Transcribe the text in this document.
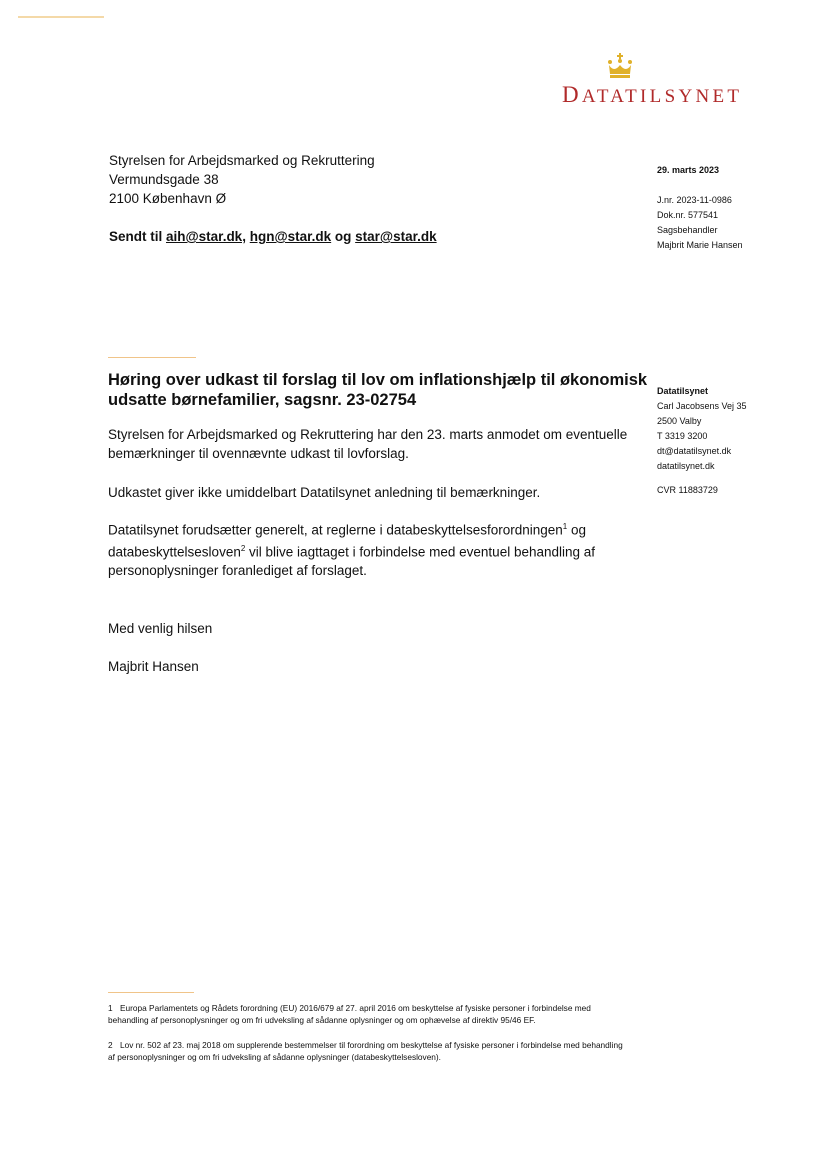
DATATILSYNET
Styrelsen for Arbejdsmarked og Rekruttering
Vermundsgade 38
2100 København Ø
Sendt til aih@star.dk, hgn@star.dk og star@star.dk
29. marts 2023
J.nr. 2023-11-0986
Dok.nr. 577541
Sagsbehandler
Majbrit Marie Hansen
Datatilsynet
Carl Jacobsens Vej 35
2500 Valby
T 3319 3200
dt@datatilsynet.dk
datatilsynet.dk
CVR 11883729
Høring over udkast til forslag til lov om inflationshjælp til økonomisk udsatte børnefamilier, sagsnr. 23-02754
Styrelsen for Arbejdsmarked og Rekruttering har den 23. marts anmodet om eventuelle bemærkninger til ovennævnte udkast til lovforslag.
Udkastet giver ikke umiddelbart Datatilsynet anledning til bemærkninger.
Datatilsynet forudsætter generelt, at reglerne i databeskyttelsesforordningen$^1$ og databeskyttelsesloven$^2$ vil blive iagttaget i forbindelse med eventuel behandling af personoplysninger foranlediget af forslaget.
Med venlig hilsen
Majbrit Hansen
1 Europa Parlamentets og Rådets forordning (EU) 2016/679 af 27. april 2016 om beskyttelse af fysiske personer i forbindelse med behandling af personoplysninger og om fri udveksling af sådanne oplysninger og om ophævelse af direktiv 95/46 EF.
2 Lov nr. 502 af 23. maj 2018 om supplerende bestemmelser til forordning om beskyttelse af fysiske personer i forbindelse med behandling af personoplysninger og om fri udveksling af sådanne oplysninger (databeskyttelsesloven).
